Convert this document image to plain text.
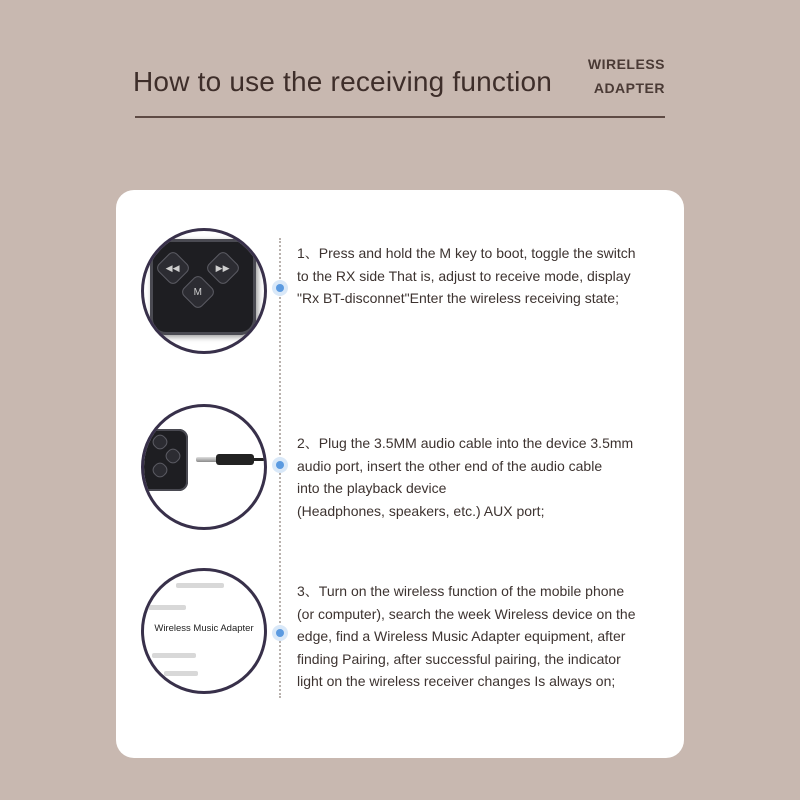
How to use the receiving function
WIRELESS
ADAPTER
◀◀	▶▶
M
Wireless Music Adapter
1、Press and hold the M key to boot, toggle the switch
to the RX side That is, adjust to receive mode, display
"Rx BT-disconnet"Enter the wireless receiving state;
2、Plug the 3.5MM audio cable into the device 3.5mm
audio port, insert the other end of the audio cable
into the playback device
(Headphones, speakers, etc.) AUX port;
3、Turn on the wireless function of the mobile phone
(or computer), search the week Wireless device on the
edge, find a Wireless Music Adapter equipment, after
finding Pairing, after successful pairing, the indicator
light on the wireless receiver changes Is always on;
